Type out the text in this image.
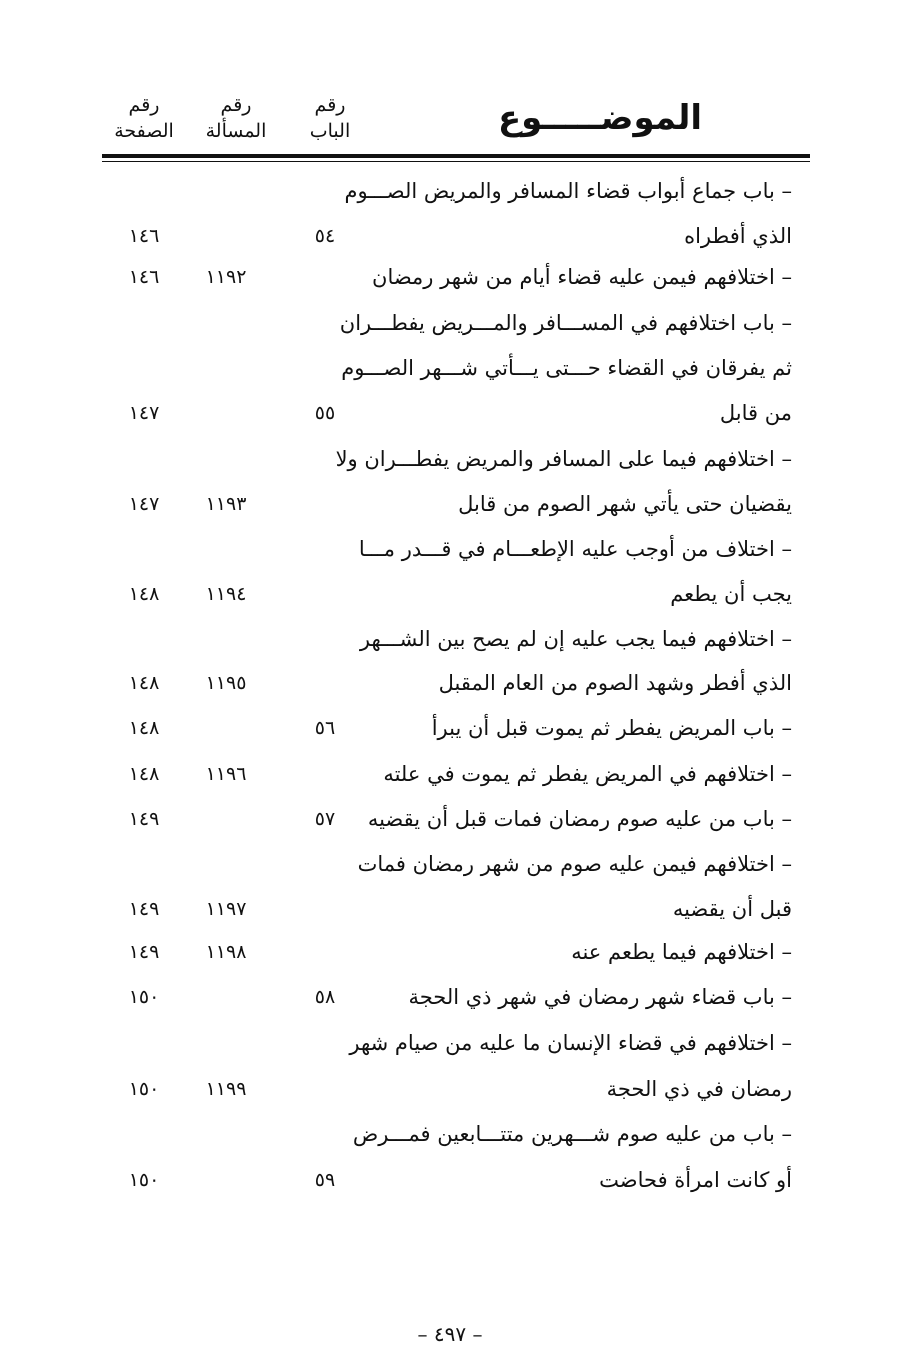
رقم
الصفحة
رقم
المسألة
رقم
الباب	الموضـــــوع
– باب جماع أبواب قضاء المسافر والمريض الصـــوم
الذي أفطراه
٥٤
١٤٦
– اختلافهم فيمن عليه قضاء أيام من شهر رمضان
١١٩٢
١٤٦
– باب اختلافهم في المســـافر والمـــريض يفطـــران
ثم يفرقان في القضاء حـــتى يـــأتي شـــهر الصـــوم
من قابل
٥٥
١٤٧
– اختلافهم فيما على المسافر والمريض يفطـــران ولا
يقضيان حتى يأتي شهر الصوم من قابل
١١٩٣
١٤٧
– اختلاف من أوجب عليه الإطعـــام في قـــدر مـــا
يجب أن يطعم
١١٩٤
١٤٨
– اختلافهم فيما يجب عليه إن لم يصح بين الشـــهر
الذي أفطر وشهد الصوم من العام المقبل
١١٩٥
١٤٨
– باب المريض يفطر ثم يموت قبل أن يبرأ
٥٦
١٤٨
– اختلافهم في المريض يفطر ثم يموت في علته
١١٩٦
١٤٨
– باب من عليه صوم رمضان فمات قبل أن يقضيه
٥٧
١٤٩
– اختلافهم فيمن عليه صوم من شهر رمضان فمات
قبل أن يقضيه
١١٩٧
١٤٩
– اختلافهم فيما يطعم عنه
١١٩٨
١٤٩
– باب قضاء شهر رمضان في شهر ذي الحجة
٥٨
١٥٠
– اختلافهم في قضاء الإنسان ما عليه من صيام شهر
رمضان في ذي الحجة
١١٩٩
١٥٠
– باب من عليه صوم شـــهرين متتـــابعين فمـــرض
أو كانت امرأة فحاضت
٥٩
١٥٠
– ٤٩٧ –
